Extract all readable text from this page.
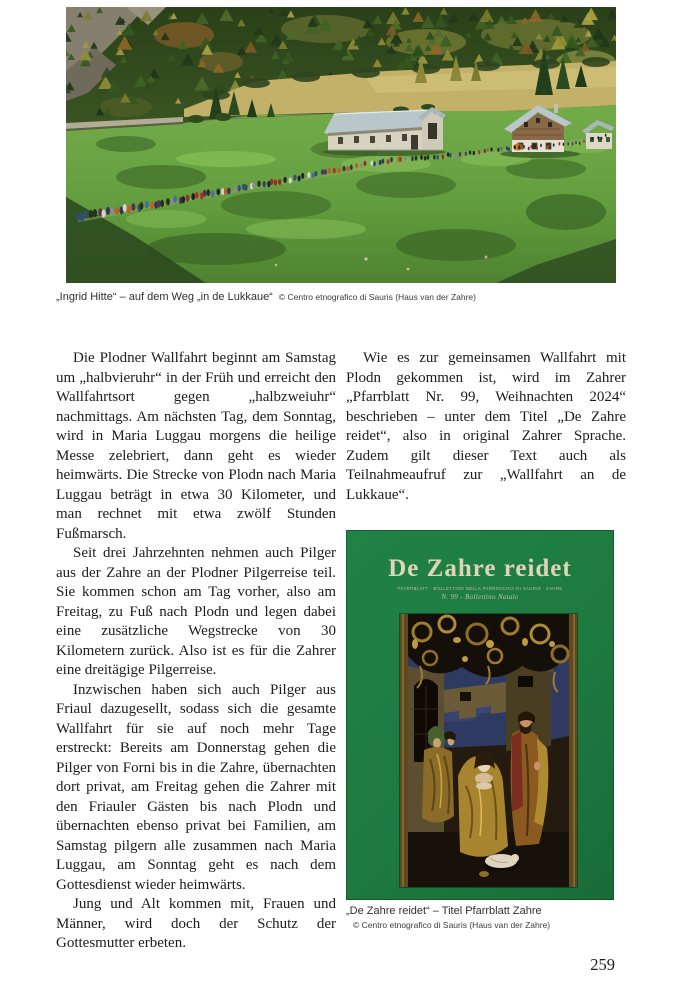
„Ingrid Hitte“ – auf dem Weg „in de Lukkaue“ © Centro etnografico di Sauris (Haus van der Zahre)

Die Plodner Wallfahrt beginnt am Samstag um „halbvieruhr“ in der Früh und erreicht den Wallfahrtsort gegen „halbzweiuhr“ nachmittags. Am nächsten Tag, dem Sonntag, wird in Maria Luggau morgens die heilige Messe zelebriert, dann geht es wieder heimwärts. Die Strecke von Plodn nach Maria Luggau beträgt in etwa 30 Kilometer, und man rechnet mit etwa zwölf Stunden Fußmarsch.

Seit drei Jahrzehnten nehmen auch Pilger aus der Zahre an der Plodner Pilgerreise teil. Sie kommen schon am Tag vorher, also am Freitag, zu Fuß nach Plodn und legen dabei eine zusätzliche Wegstrecke von 30 Kilometern zurück. Also ist es für die Zahrer eine dreitägige Pilgerreise.

Inzwischen haben sich auch Pilger aus Friaul dazugesellt, sodass sich die gesamte Wallfahrt für sie auf noch mehr Tage erstreckt: Bereits am Donnerstag gehen die Pilger von Forni bis in die Zahre, übernachten dort privat, am Freitag gehen die Zahrer mit den Friauler Gästen bis nach Plodn und übernachten ebenso privat bei Familien, am Samstag pilgern alle zusammen nach Maria Luggau, am Sonntag geht es nach dem Gottesdienst wieder heimwärts.

Jung und Alt kommen mit, Frauen und Männer, wird doch der Schutz der Gottesmutter erbeten.

Wie es zur gemeinsamen Wallfahrt mit Plodn gekommen ist, wird im Zahrer „Pfarrblatt Nr. 99, Weihnachten 2024“ beschrieben – unter dem Titel „De Zahre reidet“, also in original Zahrer Sprache. Zudem gilt dieser Text auch als Teilnahmeaufruf zur „Wallfahrt an de Lukkaue“.

De Zahre reidet
PFARRBLATT · BOLLETTINO DELLA PARROCCHIA DI SAURIS · ZAHRE
N. 99 - Bollettino Natale
„De Zahre reidet“ – Titel Pfarrblatt Zahre
© Centro etnografico di Sauris (Haus van der Zahre)
259
